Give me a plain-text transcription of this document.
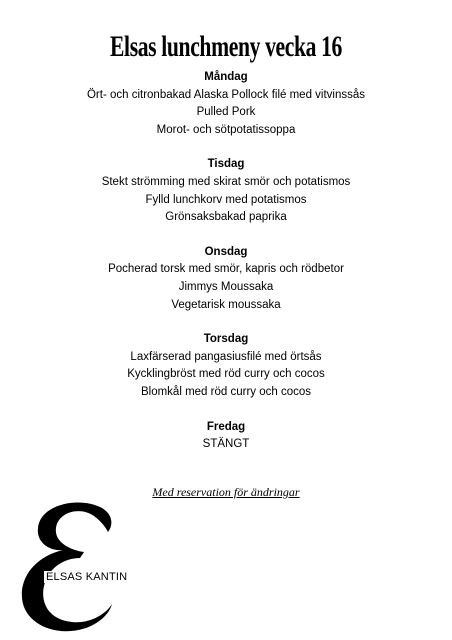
Elsas lunchmeny vecka 16
Måndag
Ört- och citronbakad Alaska Pollock filé med vitvinssås
Pulled Pork
Morot- och sötpotatissoppa
Tisdag
Stekt strömming med skirat smör och potatismos
Fylld lunchkorv med potatismos
Grönsaksbakad paprika
Onsdag
Pocherad torsk med smör, kapris och rödbetor
Jimmys Moussaka
Vegetarisk moussaka
Torsdag
Laxfärserad pangasiusfilé med örtsås
Kycklingbröst med röd curry och cocos
Blomkål med röd curry och cocos
Fredag
STÄNGT
Med reservation för ändringar
ELSAS KANTIN
